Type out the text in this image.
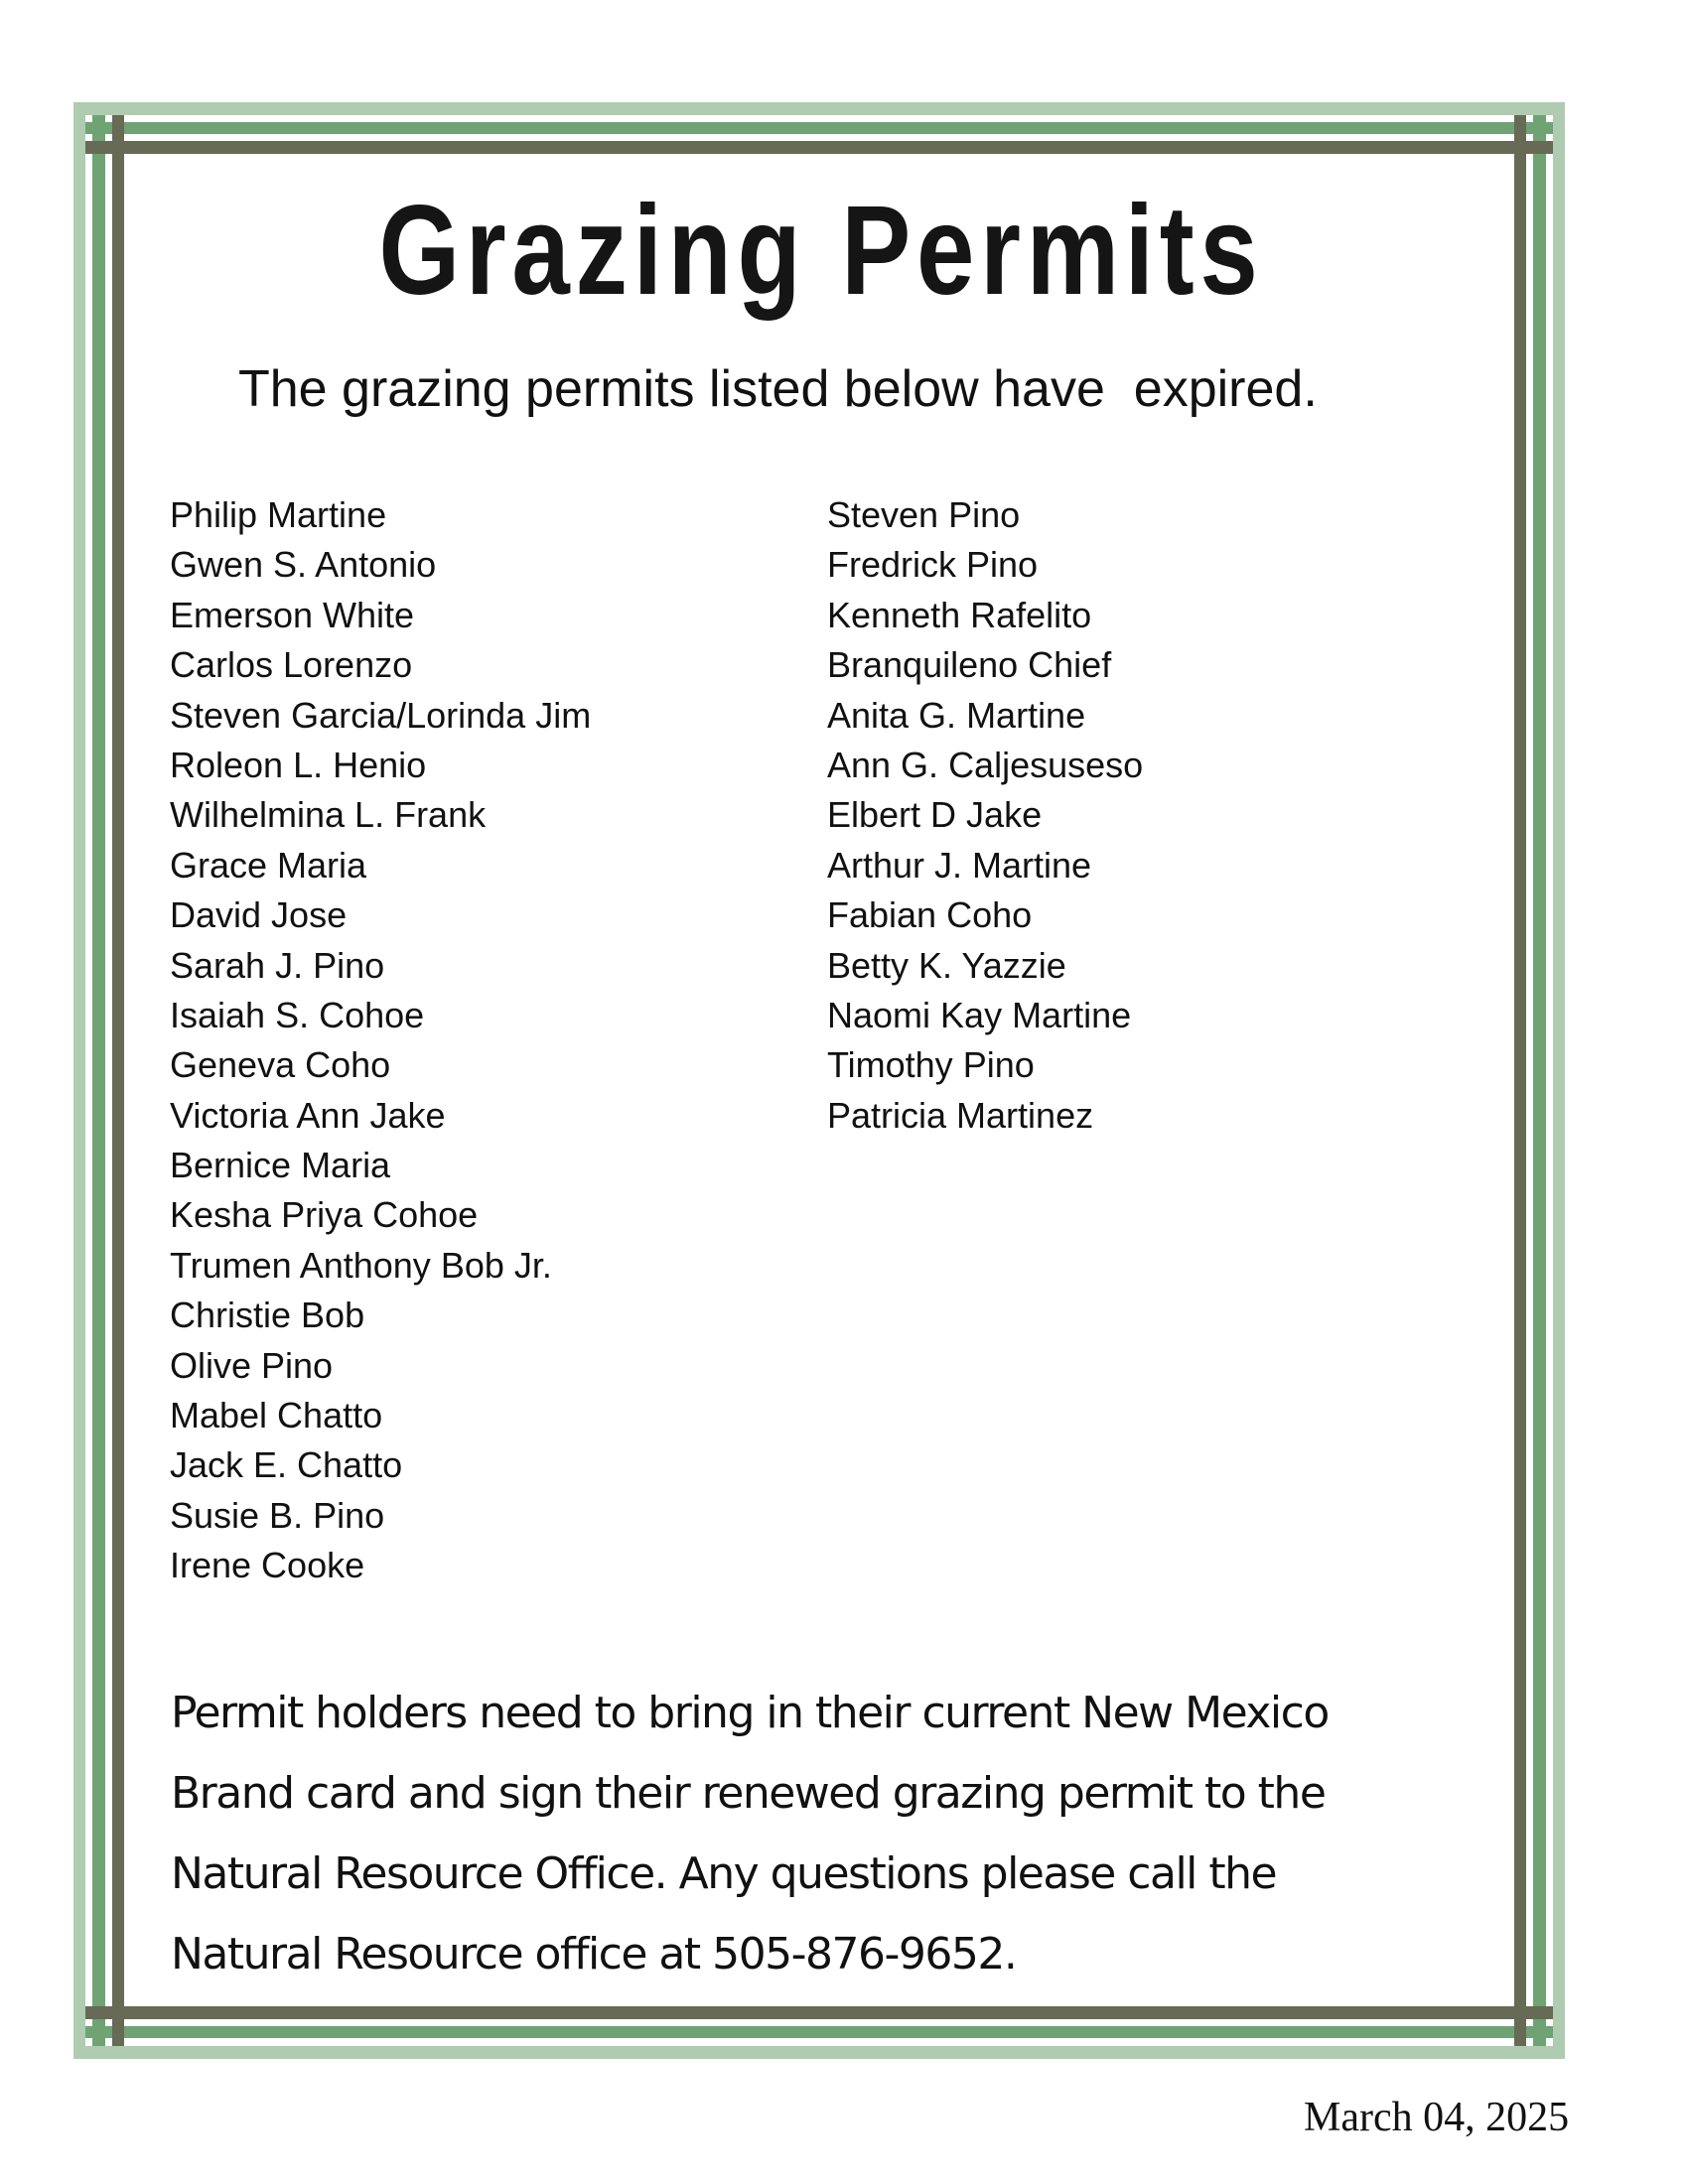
Grazing Permits
The grazing permits listed below have  expired.
Philip Martine
Gwen S. Antonio
Emerson White
Carlos Lorenzo
Steven Garcia/Lorinda Jim
Roleon L. Henio
Wilhelmina L. Frank
Grace Maria
David Jose
Sarah J. Pino
Isaiah S. Cohoe
Geneva Coho
Victoria Ann Jake
Bernice Maria
Kesha Priya Cohoe
Trumen Anthony Bob Jr.
Christie Bob
Olive Pino
Mabel Chatto
Jack E. Chatto
Susie B. Pino
Irene Cooke
Steven Pino
Fredrick Pino
Kenneth Rafelito
Branquileno Chief
Anita G. Martine
Ann G. Caljesuseso
Elbert D Jake
Arthur J. Martine
Fabian Coho
Betty K. Yazzie
Naomi Kay Martine
Timothy Pino
Patricia Martinez
Permit holders need to bring in their current New Mexico
Brand card and sign their renewed grazing permit to the
Natural Resource Office. Any questions please call the
Natural Resource office at 505-876-9652.
March 04, 2025
